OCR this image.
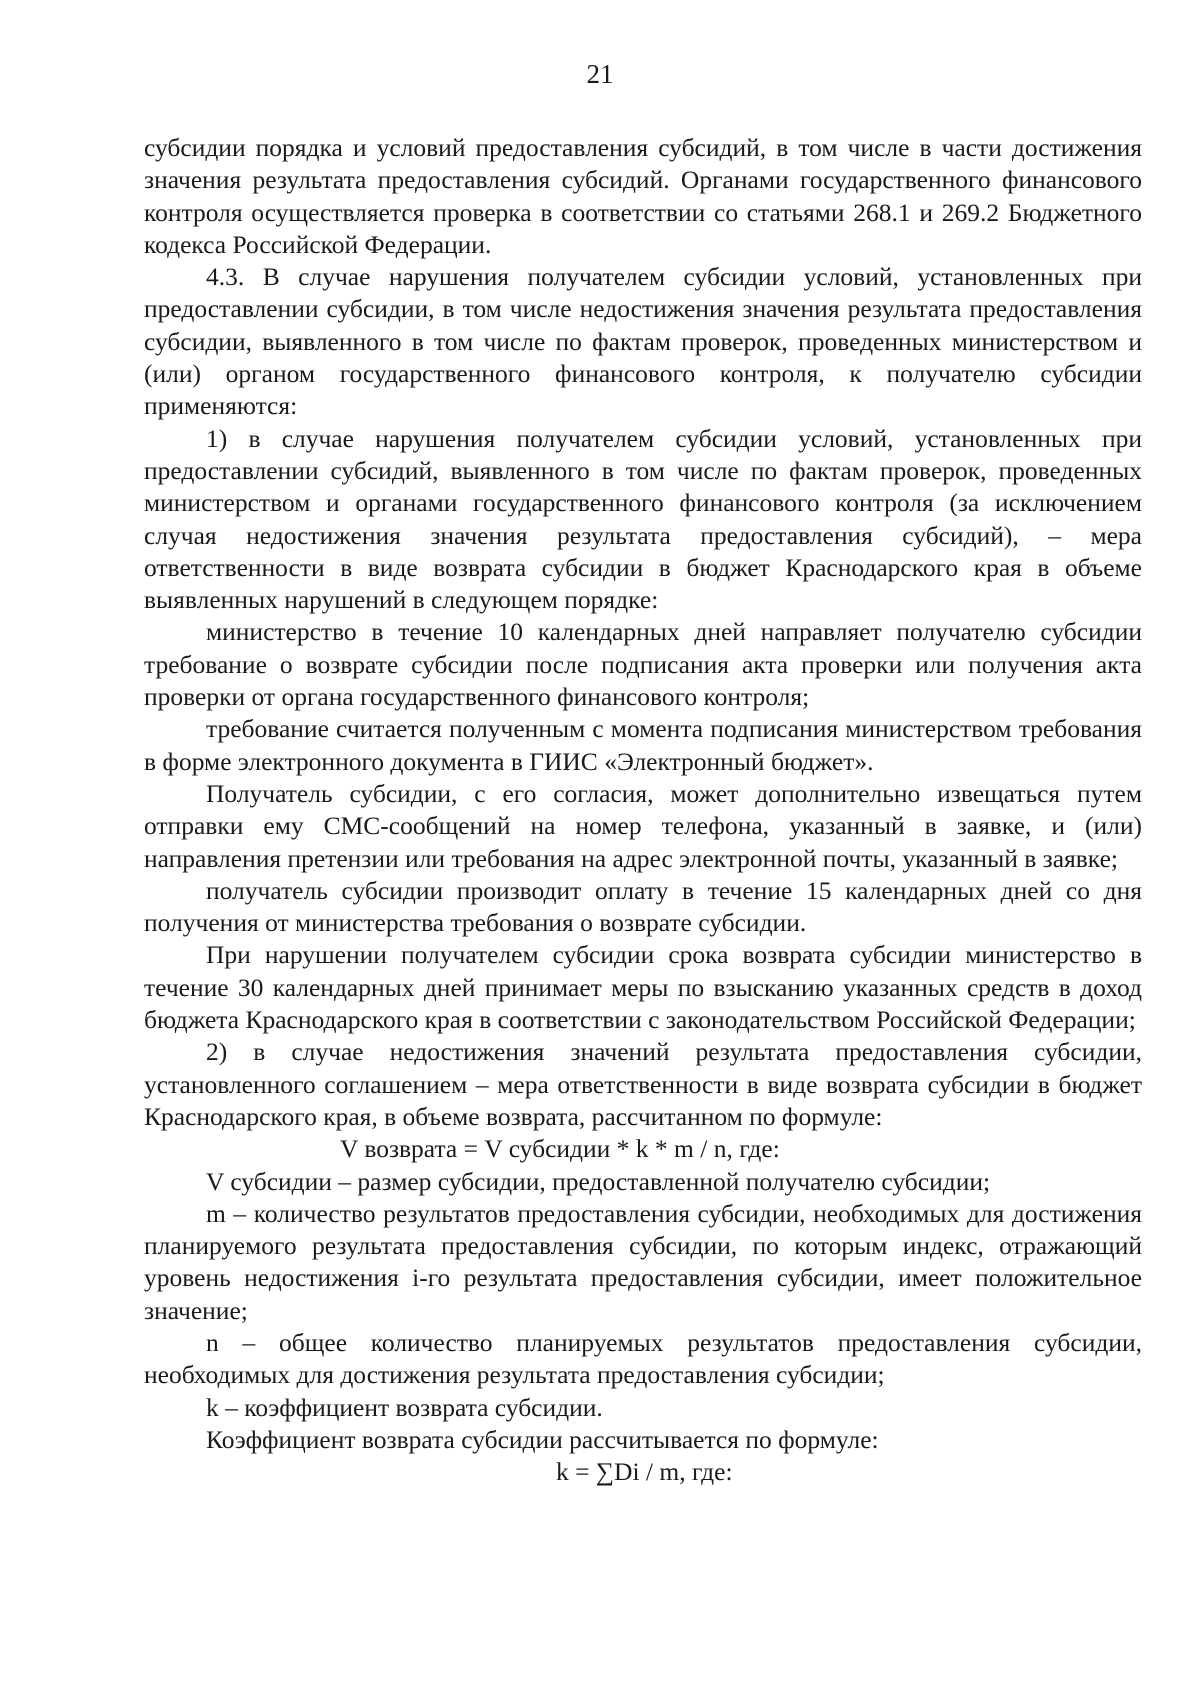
21

субсидии порядка и условий предоставления субсидий, в том числе в части достижения значения результата предоставления субсидий. Органами государственного финансового контроля осуществляется проверка в соответствии со статьями 268.1 и 269.2 Бюджетного кодекса Российской Федерации.

4.3. В случае нарушения получателем субсидии условий, установленных при предоставлении субсидии, в том числе недостижения значения результата предоставления субсидии, выявленного в том числе по фактам проверок, проведенных министерством и (или) органом государственного финансового контроля, к получателю субсидии применяются:

1) в случае нарушения получателем субсидии условий, установленных при предоставлении субсидий, выявленного в том числе по фактам проверок, проведенных министерством и органами государственного финансового контроля (за исключением случая недостижения значения результата предоставления субсидий), – мера ответственности в виде возврата субсидии в бюджет Краснодарского края в объеме выявленных нарушений в следующем порядке:

министерство в течение 10 календарных дней направляет получателю субсидии требование о возврате субсидии после подписания акта проверки или получения акта проверки от органа государственного финансового контроля;

требование считается полученным с момента подписания министерством требования в форме электронного документа в ГИИС «Электронный бюджет».

Получатель субсидии, с его согласия, может дополнительно извещаться путем отправки ему СМС-сообщений на номер телефона, указанный в заявке, и (или) направления претензии или требования на адрес электронной почты, указанный в заявке;

получатель субсидии производит оплату в течение 15 календарных дней со дня получения от министерства требования о возврате субсидии.

При нарушении получателем субсидии срока возврата субсидии министерство в течение 30 календарных дней принимает меры по взысканию указанных средств в доход бюджета Краснодарского края в соответствии с законодательством Российской Федерации;

2) в случае недостижения значений результата предоставления субсидии, установленного соглашением – мера ответственности в виде возврата субсидии в бюджет Краснодарского края, в объеме возврата, рассчитанном по формуле:

V возврата = V субсидии * k * m / n, где:

V субсидии – размер субсидии, предоставленной получателю субсидии;

m – количество результатов предоставления субсидии, необходимых для достижения планируемого результата предоставления субсидии, по которым индекс, отражающий уровень недостижения i-го результата предоставления субсидии, имеет положительное значение;

n – общее количество планируемых результатов предоставления субсидии, необходимых для достижения результата предоставления субсидии;

k – коэффициент возврата субсидии.

Коэффициент возврата субсидии рассчитывается по формуле:

k = ∑Di / m, где:
